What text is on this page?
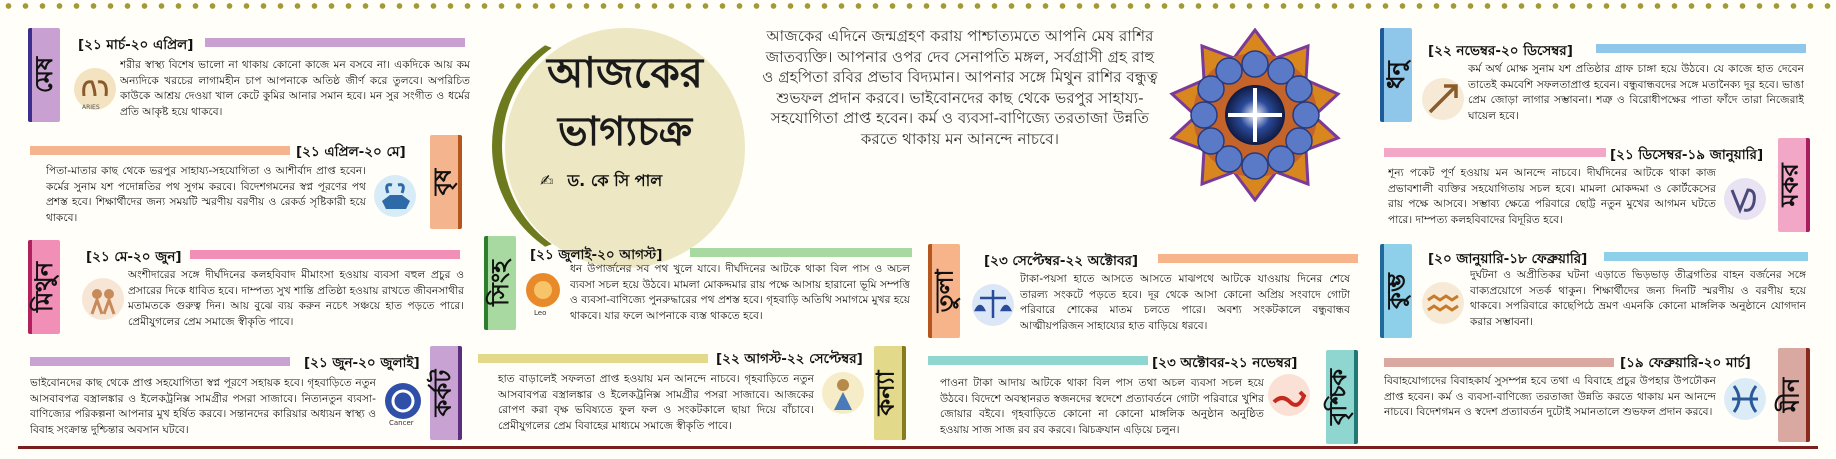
মেষ
[২১ মার্চ-২০ এপ্রিল]
ARIES
শরীর স্বাস্থ্য বিশেষ ভালো না থাকায় কোনো কাজে মন বসবে না। একদিকে আয় কম অন্যদিকে খরচের লাগামহীন চাপ আপনাকে অতিষ্ঠ জীর্ণ করে তুলবে। অপরিচিত কাউকে আশ্রয় দেওয়া খাল কেটে কুমির আনার সমান হবে। মন সুর সংগীত ও ধর্মের প্রতি আকৃষ্ট হয়ে থাকবে।
বৃষ
[২১ এপ্রিল-২০ মে]
পিতা-মাতার কাছ থেকে ভরপুর সাহায্য-সহযোগিতা ও আশীর্বাদ প্রাপ্ত হবেন। কর্মের সুনাম যশ পদোন্নতির পথ সুগম করবে। বিদেশগমনের স্বপ্ন পূরণের পথ প্রশস্ত হবে। শিক্ষার্থীদের জন্য সময়টি স্মরণীয় বরণীয় ও রেকর্ড সৃষ্টিকারী হয়ে থাকবে।
মিথুন
[২১ মে-২০ জুন]
অংশীদারের সঙ্গে দীর্ঘদিনের কলহবিবাদ মীমাংসা হওয়ায় ব্যবসা বহুল প্রচুর ও প্রসারের দিকে ধাবিত হবে। দাম্পত্য সুখ শান্তি প্রতিষ্ঠা হওয়ায় রাখতে জীবনসাথীর মতামতকে গুরুত্ব দিন। আয় বুঝে ব্যয় করুন নচেৎ সঞ্চয়ে হাত পড়তে পারে। প্রেমীযুগলের প্রেম সমাজে স্বীকৃতি পাবে।
কর্কট
[২১ জুন-২০ জুলাই]
Cancer
ভাইবোনদের কাছ থেকে প্রাপ্ত সহযোগিতা স্বপ্ন পূরণে সহায়ক হবে। গৃহবাড়িতে নতুন আসবাবপত্র বস্ত্রালঙ্কার ও ইলেকট্রনিক্স সামগ্রীর পসরা সাজাবে। নিত্যনতুন ব্যবসা-বাণিজ্যের পরিকল্পনা আপনার মুখ হর্ষিত করবে। সন্তানদের কারিয়ার অধ্যয়ন স্বাস্থ্য ও বিবাহ সংক্রান্ত দুশ্চিন্তার অবসান ঘটবে।
আজকের
ভাগ্যচক্র
✍ ড. কে সি পাল
আজকের এদিনে জন্মগ্রহণ করায় পাশ্চাত্যমতে আপনি মেষ রাশির জাতব্যক্তি। আপনার ওপর দেব সেনাপতি মঙ্গল, সর্বগ্রাসী গ্রহ রাহু ও গ্রহপিতা রবির প্রভাব বিদ্যমান। আপনার সঙ্গে মিথুন রাশির বন্ধুত্ব শুভফল প্রদান করবে। ভাইবোনদের কাছ থেকে ভরপুর সাহায্য-সহযোগিতা প্রাপ্ত হবেন। কর্ম ও ব্যবসা-বাণিজ্যে তরতাজা উন্নতি করতে থাকায় মন আনন্দে নাচবে।
সিংহ
[২১ জুলাই-২০ আগস্ট]
Leo
ধন উপার্জনের সব পথ খুলে যাবে। দীর্ঘদিনের আটকে থাকা বিল পাস ও অচল ব্যবসা সচল হয়ে উঠবে। মামলা মোকদ্দমার রায় পক্ষে আসায় হারানো ভূমি সম্পত্তি ও ব্যবসা-বাণিজ্যে পুনরুদ্ধারের পথ প্রশস্ত হবে। গৃহবাড়ি অতিথি সমাগমে মুখর হয়ে থাকবে। যার ফলে আপনাকে ব্যস্ত থাকতে হবে।
কন্যা
[২২ আগস্ট-২২ সেপ্টেম্বর]
হাত বাড়ালেই সফলতা প্রাপ্ত হওয়ায় মন আনন্দে নাচবে। গৃহবাড়িতে নতুন আসবাবপত্র বস্ত্রালঙ্কার ও ইলেকট্রনিক্স সামগ্রীর পসরা সাজাবে। আজকের রোপণ করা বৃক্ষ ভবিষ্যতে ফুল ফল ও সংকটকালে ছায়া দিয়ে বাঁচাবে। প্রেমীযুগলের প্রেম বিবাহের মাধ্যমে সমাজে স্বীকৃতি পাবে।
তুলা
[২৩ সেপ্টেম্বর-২২ অক্টোবর]
টাকা-পয়সা হাতে আসতে আসতে মাঝপথে আটকে যাওয়ায় দিনের শেষে তারল্য সংকটে পড়তে হবে। দূর থেকে আসা কোনো অপ্রিয় সংবাদে গোটা পরিবারে শোকের মাতম চলতে পারে। অবশ্য সংকটকালে বন্ধুবান্ধব আত্মীয়পরিজন সাহায্যের হাত বাড়িয়ে ধরবে।
বৃশ্চিক
[২৩ অক্টোবর-২১ নভেম্বর]
পাওনা টাকা আদায় আটকে থাকা বিল পাস তথা অচল ব্যবসা সচল হয়ে উঠবে। বিদেশে অবস্থানরত স্বজনদের স্বদেশে প্রত্যাবর্তনে গোটা পরিবারে খুশির জোয়ার বইবে। গৃহবাড়িতে কোনো না কোনো মাঙ্গলিক অনুষ্ঠান অনুষ্ঠিত হওয়ায় সাজ সাজ রব রব করবে। ঝিচক্রযান এড়িয়ে চলুন।
ধনু
[২২ নভেম্বর-২০ ডিসেম্বর]
কর্ম অর্থ মোক্ষ সুনাম যশ প্রতিষ্ঠার গ্রাফ চাঙ্গা হয়ে উঠবে। যে কাজে হাত দেবেন তাতেই কমবেশি সফলতাপ্রাপ্ত হবেন। বন্ধুবান্ধবদের সঙ্গে মতানৈক্য দূর হবে। ভাঙা প্রেম জোড়া লাগার সম্ভাবনা। শত্রু ও বিরোধীপক্ষের পাতা ফাঁদে তারা নিজেরাই ঘায়েল হবে।
মকর
[২১ ডিসেম্বর-১৯ জানুয়ারি]
শূন্য পকেট পূর্ণ হওয়ায় মন আনন্দে নাচবে। দীর্ঘদিনের আটকে থাকা কাজ প্রভাবশালী ব্যক্তির সহযোগিতায় সচল হবে। মামলা মোকদ্দমা ও কোর্টকেসের রায় পক্ষে আসবে। সম্ভাব্য ক্ষেত্রে পরিবারে ছোট্ট নতুন মুখের আগমন ঘটতে পারে। দাম্পত্য কলহবিবাদের বিদূরিত হবে।
কুম্ভ
[২০ জানুয়ারি-১৮ ফেব্রুয়ারি]
দুর্ঘটনা ও অপ্রীতিকর ঘটনা এড়াতে ভিড়ভাড় তীব্রগতির বাহন বর্জনের সঙ্গে বাক্যপ্রয়োগে সতর্ক থাকুন। শিক্ষার্থীদের জন্য দিনটি স্মরণীয় ও বরণীয় হয়ে থাকবে। সপরিবারে কাছেপিঠে ভ্রমণ এমনকি কোনো মাঙ্গলিক অনুষ্ঠানে যোগদান করার সম্ভাবনা।
মীন
[১৯ ফেব্রুয়ারি-২০ মার্চ]
বিবাহযোগ্যদের বিবাহকার্য সুসম্পন্ন হবে তথা এ বিবাহে প্রচুর উপহার উপঢৌকন প্রাপ্ত হবেন। কর্ম ও ব্যবসা-বাণিজ্যে তরতাজা উন্নতি করতে থাকায় মন আনন্দে নাচবে। বিদেশগমন ও স্বদেশ প্রত্যাবর্তন দুটোই সমানতালে শুভফল প্রদান করবে।
